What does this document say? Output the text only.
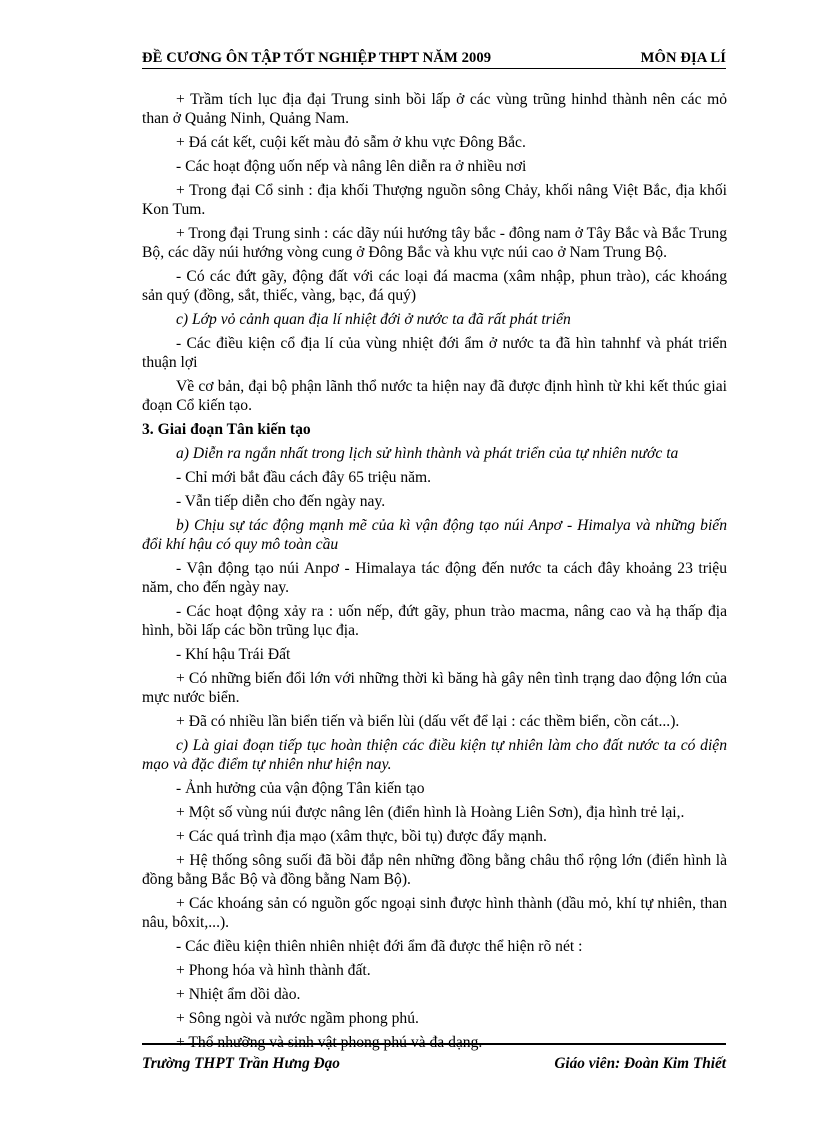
ĐỀ CƯƠNG ÔN TẬP TỐT NGHIỆP THPT NĂM 2009	MÔN ĐỊA LÍ

+ Trầm tích lục địa đại Trung sinh bồi lấp ở các vùng trũng hinhd thành nên các mỏ than ở Quảng Ninh, Quảng Nam.

+ Đá cát kết, cuội kết màu đỏ sẫm ở khu vực Đông Bắc.

- Các hoạt động uốn nếp và nâng lên diễn ra ở nhiều nơi

+ Trong đại Cổ sinh : địa khối Thượng nguồn sông Chảy, khối nâng Việt Bắc, địa khối Kon Tum.

+ Trong đại Trung sinh : các dãy núi hướng tây bắc - đông nam ở Tây Bắc và Bắc Trung Bộ, các dãy núi hướng vòng cung ở Đông Bắc và khu vực núi cao ở Nam Trung Bộ.

- Có các đứt gãy, động đất với các loại đá macma (xâm nhập, phun trào), các khoáng sản quý (đồng, sắt, thiếc, vàng, bạc, đá quý)

c) Lớp vỏ cảnh quan địa lí nhiệt đới ở nước ta đã rất phát triển

- Các điều kiện cổ địa lí của vùng nhiệt đới ẩm ở nước ta đã hìn tahnhf và phát triển thuận lợi

Về cơ bản, đại bộ phận lãnh thổ nước ta hiện nay đã được định hình từ khi kết thúc giai đoạn Cổ kiến tạo.

3. Giai đoạn Tân kiến tạo

a) Diễn ra ngắn nhất trong lịch sử hình thành và phát triển của tự nhiên nước ta

- Chỉ mới bắt đầu cách đây 65 triệu năm.

- Vẫn tiếp diễn cho đến ngày nay.

b) Chịu sự tác động mạnh mẽ của kì vận động tạo núi Anpơ - Himalya và những biến đổi khí hậu có quy mô toàn cầu

- Vận động tạo núi Anpơ - Himalaya tác động đến nước ta cách đây khoảng 23 triệu năm, cho đến ngày nay.

- Các hoạt động xảy ra : uốn nếp, đứt gãy, phun trào macma, nâng cao và hạ thấp địa hình, bồi lấp các bồn trũng lục địa.

- Khí hậu Trái Đất

+ Có những biến đổi lớn với những thời kì băng hà gây nên tình trạng dao động lớn của mực nước biển.

+ Đã có nhiều lần biển tiến và biển lùi (dấu vết để lại : các thềm biển, cồn cát...).

c) Là giai đoạn tiếp tục hoàn thiện các điều kiện tự nhiên làm cho đất nước ta có diện mạo và đặc điểm tự nhiên như hiện nay.

- Ảnh hưởng của vận động Tân kiến tạo

+ Một số vùng núi được nâng lên (điển hình là Hoàng Liên Sơn), địa hình trẻ lại,.

+ Các quá trình địa mạo (xâm thực, bồi tụ) được đẩy mạnh.

+ Hệ thống sông suối đã bồi đắp nên những đồng bằng châu thổ rộng lớn (điển hình là đồng bằng Bắc Bộ và đồng bằng Nam Bộ).

+ Các khoáng sản có nguồn gốc ngoại sinh được hình thành (dầu mỏ, khí tự nhiên, than nâu, bôxit,...).

- Các điều kiện thiên nhiên nhiệt đới ẩm đã được thể hiện rõ nét :

+ Phong hóa và hình thành đất.

+ Nhiệt ẩm dồi dào.

+ Sông ngòi và nước ngầm phong phú.

+ Thổ nhưỡng và sinh vật phong phú và đa dạng.

Trường THPT Trần Hưng Đạo	Giáo viên: Đoàn Kim Thiết
